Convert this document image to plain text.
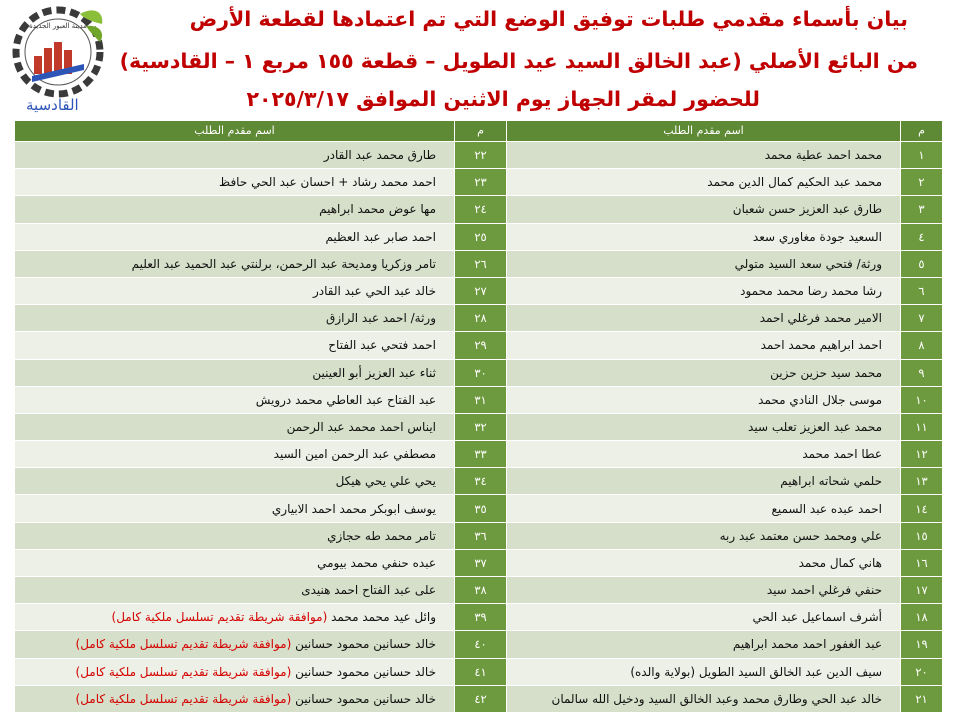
مدينة العبور الجديدة
القادسية
بيان بأسماء مقدمي طلبات توفيق الوضع التي تم اعتمادها لقطعة الأرض
من البائع الأصلي (عبد الخالق السيد عيد الطويل – قطعة ١٥٥ مربع ١ – القادسية)
للحضور لمقر الجهاز يوم الاثنين الموافق ٢٠٢٥/٣/١٧
م	اسم مقدم الطلب	م	اسم مقدم الطلب
١	محمد احمد عطية محمد	٢٢	طارق محمد عبد القادر
٢	محمد عبد الحكيم كمال الدين محمد	٢٣	احمد محمد رشاد + احسان عبد الحي حافظ
٣	طارق عبد العزيز حسن شعبان	٢٤	مها عوض محمد ابراهيم
٤	السعيد جودة مغاوري سعد	٢٥	احمد صابر عبد العظيم
٥	ورثة/ فتحي سعد السيد متولي	٢٦	تامر وزكريا ومديحة عبد الرحمن، برلنتي عبد الحميد عبد العليم
٦	رشا محمد رضا محمد محمود	٢٧	خالد عبد الحي عبد القادر
٧	الامير محمد فرغلي احمد	٢٨	ورثة/ احمد عبد الرازق
٨	احمد ابراهيم محمد احمد	٢٩	احمد فتحي عبد الفتاح
٩	محمد سيد حزين حزين	٣٠	ثناء عبد العزيز أبو العينين
١٠	موسى جلال النادي محمد	٣١	عبد الفتاح عبد العاطي محمد درويش
١١	محمد عبد العزيز تعلب سيد	٣٢	ايناس احمد محمد عبد الرحمن
١٢	عطا احمد محمد	٣٣	مصطفي عبد الرحمن امين السيد
١٣	حلمي شحاته ابراهيم	٣٤	يحي علي يحي هيكل
١٤	احمد عبده عبد السميع	٣٥	يوسف ابوبكر محمد احمد الابياري
١٥	علي ومحمد حسن معتمد عبد ربه	٣٦	تامر محمد طه حجازي
١٦	هاني كمال محمد	٣٧	عبده حنفي محمد بيومي
١٧	حنفي فرغلي احمد سيد	٣٨	على عبد الفتاح احمد هنيدى
١٨	أشرف اسماعيل عبد الحي	٣٩	وائل عيد محمد محمد (موافقة شريطة تقديم تسلسل ملكية كامل)
١٩	عبد الغفور احمد محمد ابراهيم	٤٠	خالد حسانين محمود حسانين (موافقة شريطة تقديم تسلسل ملكية كامل)
٢٠	سيف الدين عبد الخالق السيد الطويل (بولاية والده)	٤١	خالد حسانين محمود حسانين (موافقة شريطة تقديم تسلسل ملكية كامل)
٢١	خالد عبد الحي وطارق محمد وعبد الخالق السيد ودخيل الله سالمان	٤٢	خالد حسانين محمود حسانين (موافقة شريطة تقديم تسلسل ملكية كامل)
